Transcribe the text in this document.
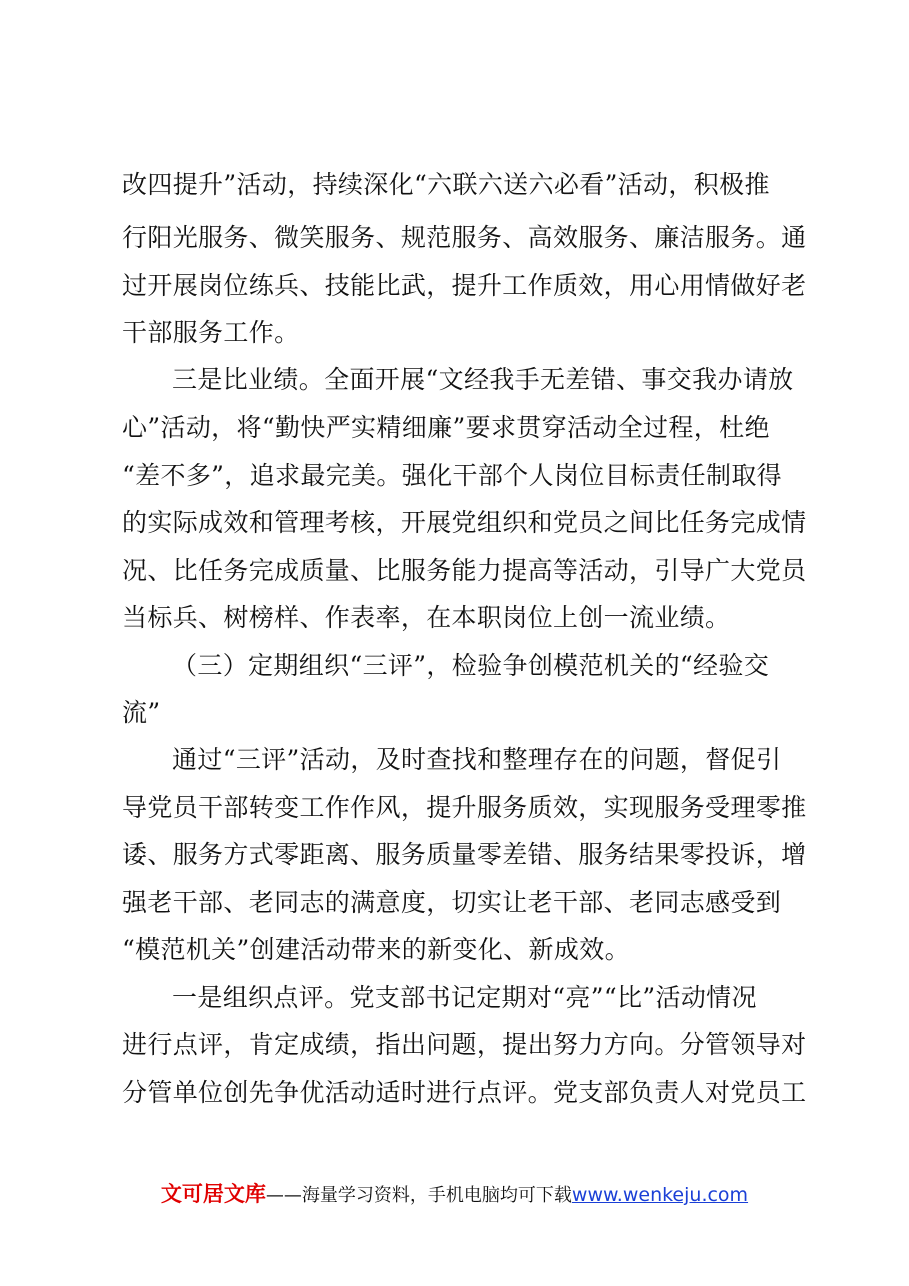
改四提升”活动，持续深化“六联六送六必看”活动，积极推
行阳光服务、微笑服务、规范服务、高效服务、廉洁服务。通
过开展岗位练兵、技能比武，提升工作质效，用心用情做好老
干部服务工作。
三是比业绩。全面开展“文经我手无差错、事交我办请放
心”活动，将“勤快严实精细廉”要求贯穿活动全过程，杜绝
“差不多”，追求最完美。强化干部个人岗位目标责任制取得
的实际成效和管理考核，开展党组织和党员之间比任务完成情
况、比任务完成质量、比服务能力提高等活动，引导广大党员
当标兵、树榜样、作表率，在本职岗位上创一流业绩。
（三）定期组织“三评”，检验争创模范机关的“经验交
流”
通过“三评”活动，及时查找和整理存在的问题，督促引
导党员干部转变工作作风，提升服务质效，实现服务受理零推
诿、服务方式零距离、服务质量零差错、服务结果零投诉，增
强老干部、老同志的满意度，切实让老干部、老同志感受到
“模范机关”创建活动带来的新变化、新成效。
一是组织点评。党支部书记定期对“亮”“比”活动情况
进行点评，肯定成绩，指出问题，提出努力方向。分管领导对
分管单位创先争优活动适时进行点评。党支部负责人对党员工
文可居文库——海量学习资料，手机电脑均可下载www.wenkeju.com
